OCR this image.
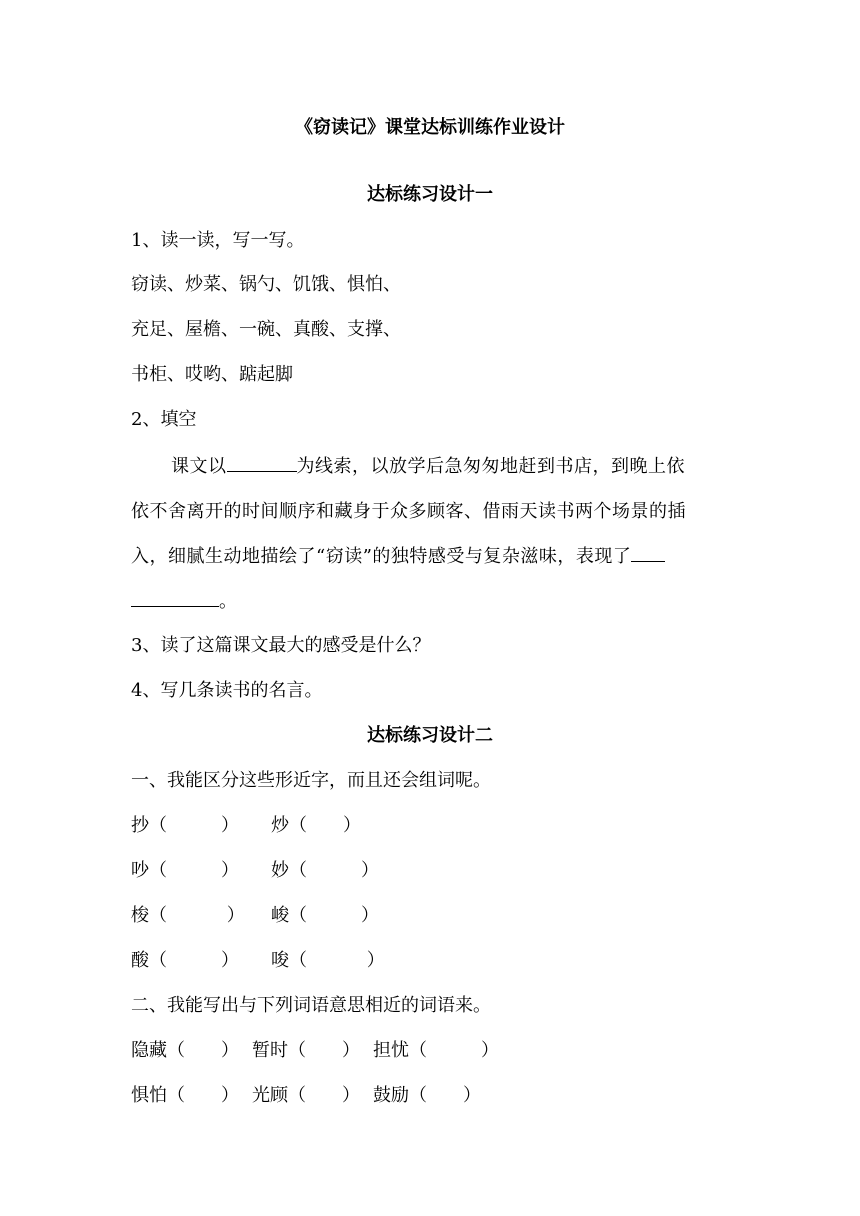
《窃读记》课堂达标训练作业设计
达标练习设计一
1、读一读，写一写。
窃读、炒菜、锅勺、饥饿、惧怕、
充足、屋檐、一碗、真酸、支撑、
书柜、哎哟、踮起脚
2、填空
课文以	为线索，以放学后急匆匆地赶到书店，到晚上依
依不舍离开的时间顺序和藏身于众多顾客、借雨天读书两个场景的插
入，细腻生动地描绘了“窃读”的独特感受与复杂滋味，表现了
。
3、读了这篇课文最大的感受是什么？
4、写几条读书的名言。
达标练习设计二
一、我能区分这些形近字，而且还会组词呢。
抄（　　　） 炒（　　）
吵（　　　） 妙（　　　）
梭（　　　 ） 峻（　　　）
酸（　　　） 唆（　　　 ）
二、我能写出与下列词语意思相近的词语来。
隐藏（　　） 暂时（　　） 担忧（　　　）
惧怕（　　） 光顾（　　） 鼓励（　　）
